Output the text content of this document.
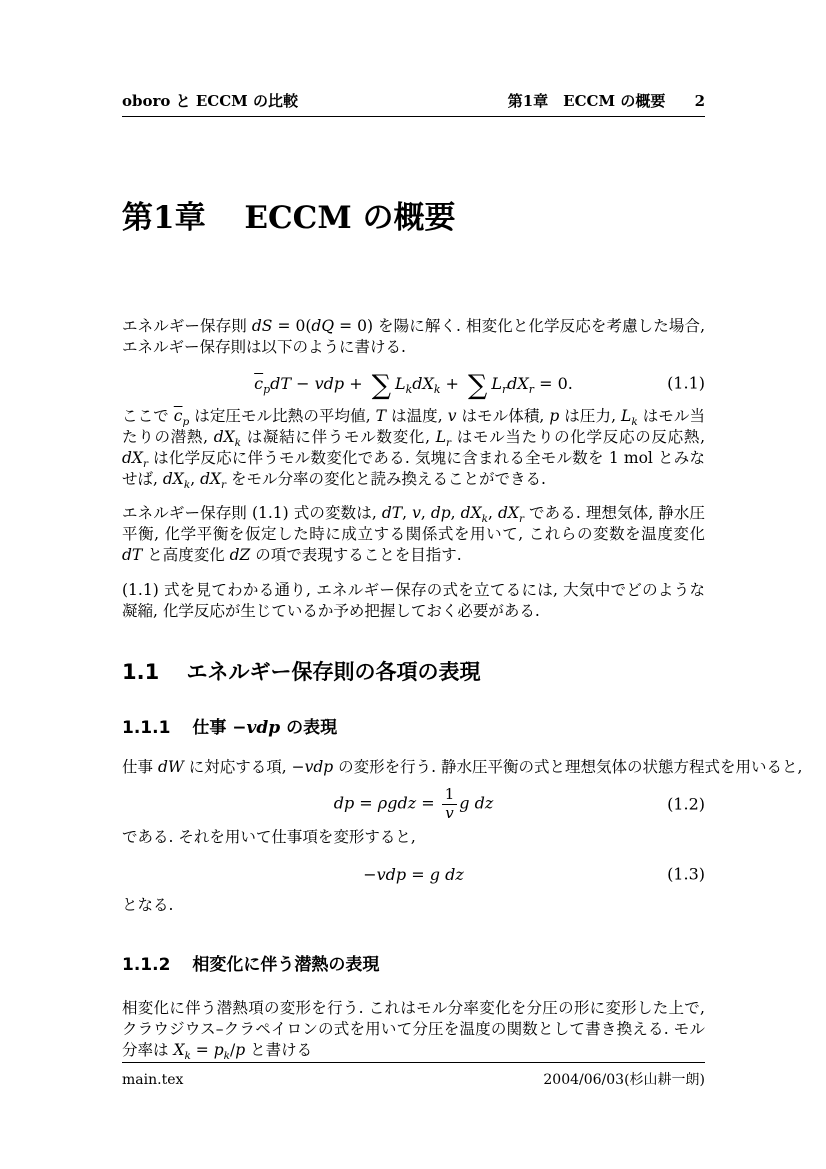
oboro と ECCM の比較	第1章　ECCM の概要 2
第1章 ECCM の概要

エネルギー保存則 dS = 0(dQ = 0) を陽に解く. 相変化と化学反応を考慮した場合, エネルギー保存則は以下のように書ける.

$\overline{c}_pdT$ − vdp + ∑ $L_kdX_k$ + ∑ $L_rdX_r = 0$.	(1.1)

ここで $\overline{c}_p$ は定圧モル比熱の平均値, T は温度, v はモル体積, p は圧力, $L_k$ はモル当たりの潜熱, $dX_k$ は凝結に伴うモル数変化, $L_r$ はモル当たりの化学反応の反応熱, $dX_r$ は化学反応に伴うモル数変化である. 気塊に含まれる全モル数を 1 mol とみなせば, $dX_k$, $dX_r$ をモル分率の変化と読み換えることができる.

エネルギー保存則 (1.1) 式の変数は, dT, v, dp, $dX_k$, $dX_r$ である. 理想気体, 静水圧平衡, 化学平衡を仮定した時に成立する関係式を用いて, これらの変数を温度変化 dT と高度変化 dZ の項で表現することを目指す.

(1.1) 式を見てわかる通り, エネルギー保存の式を立てるには, 大気中でどのような凝縮, 化学反応が生じているか予め把握しておく必要がある.

1.1 エネルギー保存則の各項の表現
1.1.1 仕事 −vdp の表現

仕事 dW に対応する項, −vdp の変形を行う. 静水圧平衡の式と理想気体の状態方程式を用いると,

dp = $\rho gdz = \frac{1}{v}$ g dz	(1.2)

である. それを用いて仕事項を変形すると,

−vdp = g dz	(1.3)

となる.

1.1.2 相変化に伴う潜熱の表現

相変化に伴う潜熱項の変形を行う. これはモル分率変化を分圧の形に変形した上で, クラウジウス–クラペイロンの式を用いて分圧を温度の関数として書き換える. モル分率は $X_k = p_k/p$ と書ける

main.tex	2004/06/03(杉山耕一朗)
